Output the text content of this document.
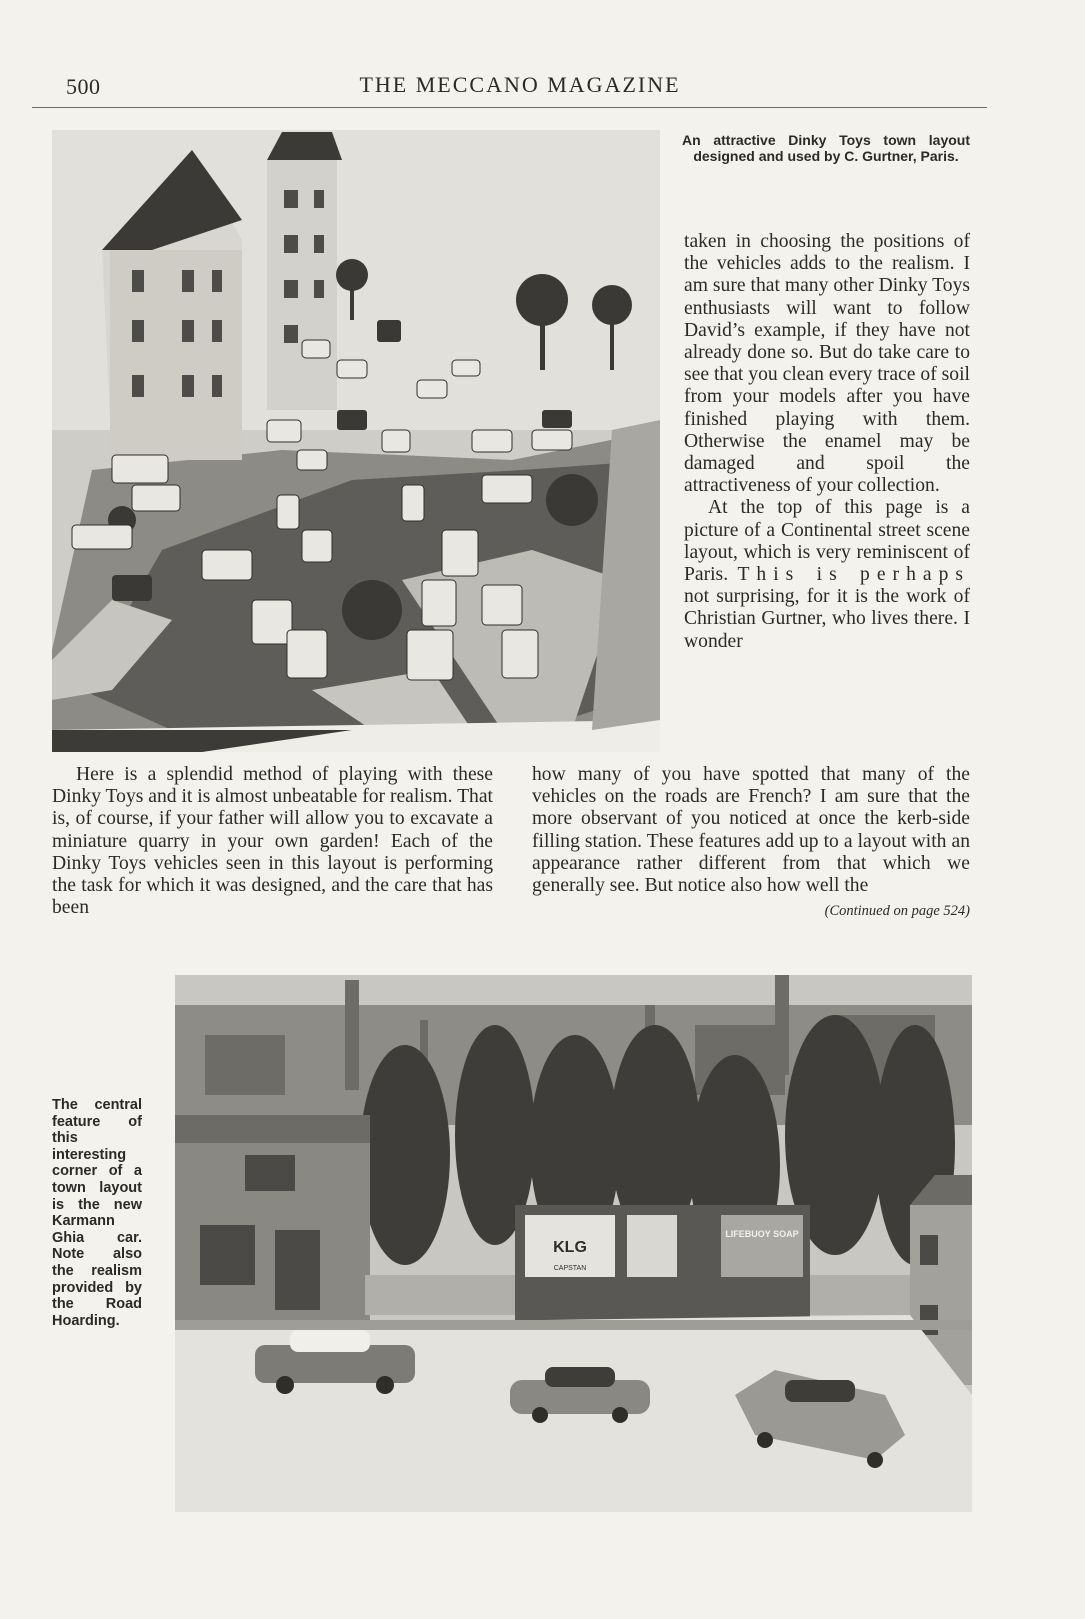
500	THE MECCANO MAGAZINE
An attractive Dinky Toys town layout designed and used by C. Gurtner, Paris.

taken in choosing the positions of the vehicles adds to the realism. I am sure that many other Dinky Toys enthusiasts will want to follow David’s example, if they have not already done so. But do take care to see that you clean every trace of soil from your models after you have finished playing with them. Otherwise the enamel may be damaged and spoil the attractiveness of your collection.

At the top of this page is a picture of a Continental street scene layout, which is very reminiscent of Paris. This is perhaps not surprising, for it is the work of Christian Gurtner, who lives there. I wonder

Here is a splendid method of playing with these Dinky Toys and it is almost unbeatable for realism. That is, of course, if your father will allow you to excavate a miniature quarry in your own garden! Each of the Dinky Toys vehicles seen in this layout is performing the task for which it was designed, and the care that has been
how many of you have spotted that many of the vehicles on the roads are French? I am sure that the more observant of you noticed at once the kerb-side filling station. These features add up to a layout with an appearance rather different from that which we generally see. But notice also how well the
(Continued on page 524)
KLG
LIFEBUOY SOAP
CAPSTAN
The central feature of this interesting corner of a town layout is the new Karmann Ghia car. Note also the realism provided by the Road Hoarding.
